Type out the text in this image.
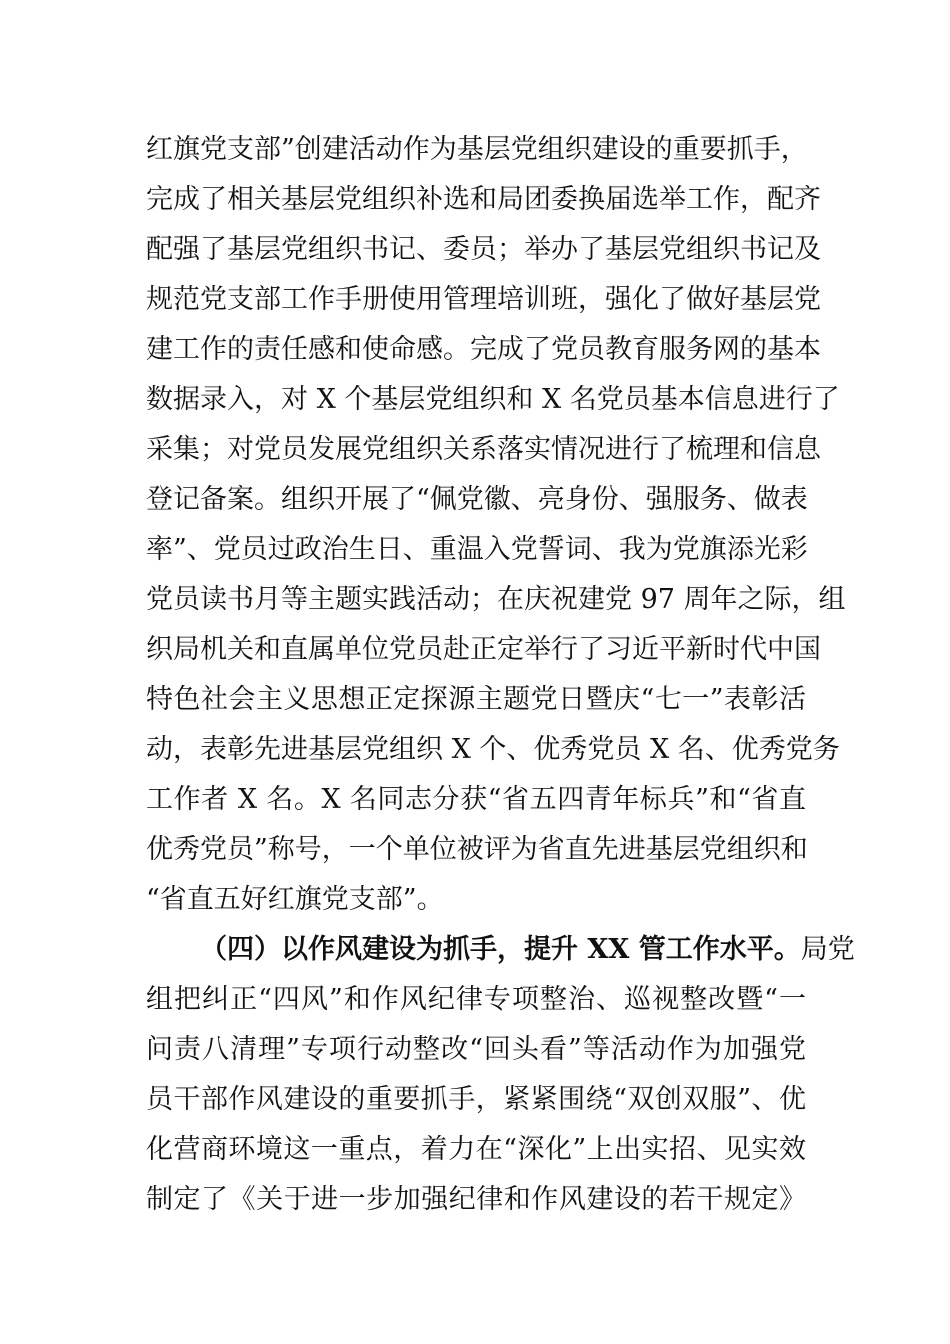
红旗党支部”创建活动作为基层党组织建设的重要抓手，
完成了相关基层党组织补选和局团委换届选举工作，配齐
配强了基层党组织书记、委员；举办了基层党组织书记及
规范党支部工作手册使用管理培训班，强化了做好基层党
建工作的责任感和使命感。完成了党员教育服务网的基本
数据录入，对 X 个基层党组织和 X 名党员基本信息进行了
采集；对党员发展党组织关系落实情况进行了梳理和信息
登记备案。组织开展了“佩党徽、亮身份、强服务、做表
率”、党员过政治生日、重温入党誓词、我为党旗添光彩
党员读书月等主题实践活动；在庆祝建党 97 周年之际，组
织局机关和直属单位党员赴正定举行了习近平新时代中国
特色社会主义思想正定探源主题党日暨庆“七一”表彰活
动，表彰先进基层党组织 X 个、优秀党员 X 名、优秀党务
工作者 X 名。X 名同志分获“省五四青年标兵”和“省直
优秀党员”称号，一个单位被评为省直先进基层党组织和
“省直五好红旗党支部”。
（四）以作风建设为抓手，提升 XX 管工作水平。局党
组把纠正“四风”和作风纪律专项整治、巡视整改暨“一
问责八清理”专项行动整改“回头看”等活动作为加强党
员干部作风建设的重要抓手，紧紧围绕“双创双服”、优
化营商环境这一重点，着力在“深化”上出实招、见实效
制定了《关于进一步加强纪律和作风建设的若干规定》
